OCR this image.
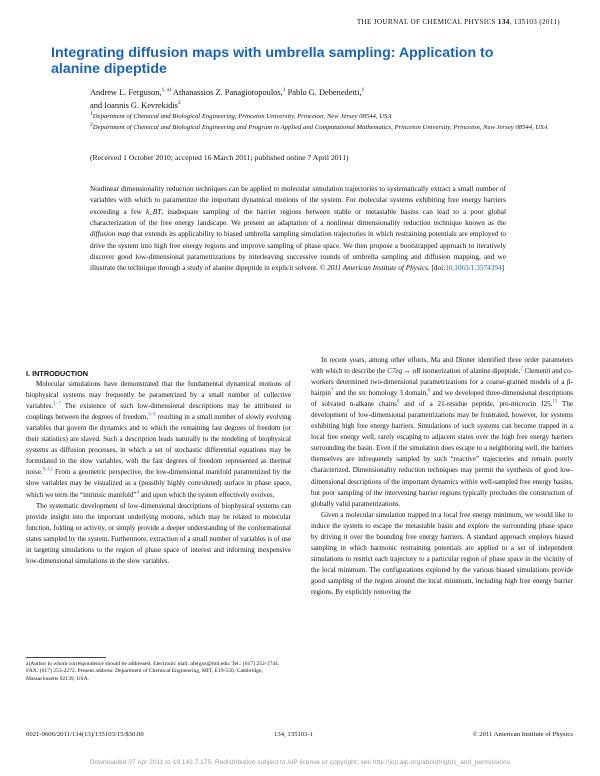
THE JOURNAL OF CHEMICAL PHYSICS 134, 135103 (2011)
Integrating diffusion maps with umbrella sampling: Application to alanine dipeptide
Andrew L. Ferguson,$^{1, a)}$ Athanassios Z. Panagiotopoulos,$^1$ Pablo G. Debenedetti,$^1$
and Ioannis G. Kevrekidis$^2$
$^1$Department of Chemical and Biological Engineering, Princeton University, Princeton, New Jersey 08544, USA
$^2$Department of Chemical and Biological Engineering and Program in Applied and Computational Mathematics, Princeton University, Princeton, New Jersey 08544, USA
(Received 1 October 2010; accepted 16 March 2011; published online 7 April 2011)

Nonlinear dimensionality reduction techniques can be applied to molecular simulation trajectories to systematically extract a small number of variables with which to parametrize the important dynamical motions of the system. For molecular systems exhibiting free energy barriers exceeding a few k_BT, inadequate sampling of the barrier regions between stable or metastable basins can lead to a poor global characterization of the free energy landscape. We present an adaptation of a nonlinear dimensionality reduction technique known as the diffusion map that extends its applicability to biased umbrella sampling simulation trajectories in which restraining potentials are employed to drive the system into high free energy regions and improve sampling of phase space. We then propose a bootstrapped approach to iteratively discover good low-dimensional parametrizations by interleaving successive rounds of umbrella sampling and diffusion mapping, and we illustrate the technique through a study of alanine dipeptide in explicit solvent. © 2011 American Institute of Physics. [doi:10.1063/1.3574394]

I. INTRODUCTION

Molecular simulations have demonstrated that the fundamental dynamical motions of biophysical systems may frequently be parametrized by a small number of collective variables.$^{1-7}$ The existence of such low-dimensional descriptions may be attributed to couplings between the degrees of freedom,$^{3-9}$ resulting in a small number of slowly evolving variables that govern the dynamics and to which the remaining fast degrees of freedom (or their statistics) are slaved. Such a description leads naturally to the modeling of biophysical systems as diffusion processes, in which a set of stochastic differential equations may be formulated in the slow variables, with the fast degrees of freedom represented as thermal noise.$^{9-12}$ From a geometric perspective, the low-dimensional manifold parametrized by the slow variables may be visualized as a (possibly highly convoluted) surface in phase space, which we term the “intrinsic manifold”$^4$ and upon which the system effectively evolves.

The systematic development of low-dimensional descriptions of biophysical systems can provide insight into the important underlying motions, which may be related to molecular function, folding or activity, or simply provide a deeper understanding of the conformational states sampled by the system. Furthermore, extraction of a small number of variables is of use in targeting simulations to the region of phase space of interest and informing inexpensive low-dimensional simulations in the slow variables.

a)Author to whom correspondence should be addressed. Electronic mail: afergus@mit.edu. Tel.: (617) 252-1744. FAX: (617) 253-2272. Present address: Department of Chemical Engineering, MIT, E19-550, Cambridge, Massachusetts 02139, USA.

In recent years, among other efforts, Ma and Dinner identified three order parameters with which to describe the C7eq ↔ αR isomerization of alanine dipeptide,$^2$ Clementi and co-workers determined two-dimensional parametrizations for a coarse-grained models of a β-hairpin$^7$ and the src homology 3 domain,$^6$ and we developed three-dimensional descriptions of solvated n-alkane chains$^8$ and of a 21-residue peptide, pro-microcin J25.13 The development of low-dimensional parametrizations may be frustrated, however, for systems exhibiting high free energy barriers. Simulations of such systems can become trapped in a local free energy well, rarely escaping to adjacent states over the high free energy barriers surrounding the basin. Even if the simulation does escape to a neighboring well, the barriers themselves are infrequently sampled by such “reactive” trajectories and remain poorly characterized. Dimensionality reduction techniques may permit the synthesis of good low-dimensional descriptions of the important dynamics within well-sampled free energy basins, but poor sampling of the intervening barrier regions typically precludes the construction of globally valid parametrizations.

Given a molecular simulation trapped in a local free energy minimum, we would like to induce the system to escape the metastable basin and explore the surrounding phase space by driving it over the bounding free energy barriers. A standard approach employs biased sampling in which harmonic restraining potentials are applied to a set of independent simulations to restrict each trajectory to a particular region of phase space in the vicinity of the local minimum. The configurations explored by the various biased simulations provide good sampling of the region around the local minimum, including high free energy barrier regions. By explicitly removing the

0021-9606/2011/134(13)/135103/15/$30.00	134, 135103-1	© 2011 American Institute of Physics
Downloaded 07 Apr 2011 to 18.142.7.175. Redistribution subject to AIP license or copyright; see http://jcp.aip.org/about/rights_and_permissions
